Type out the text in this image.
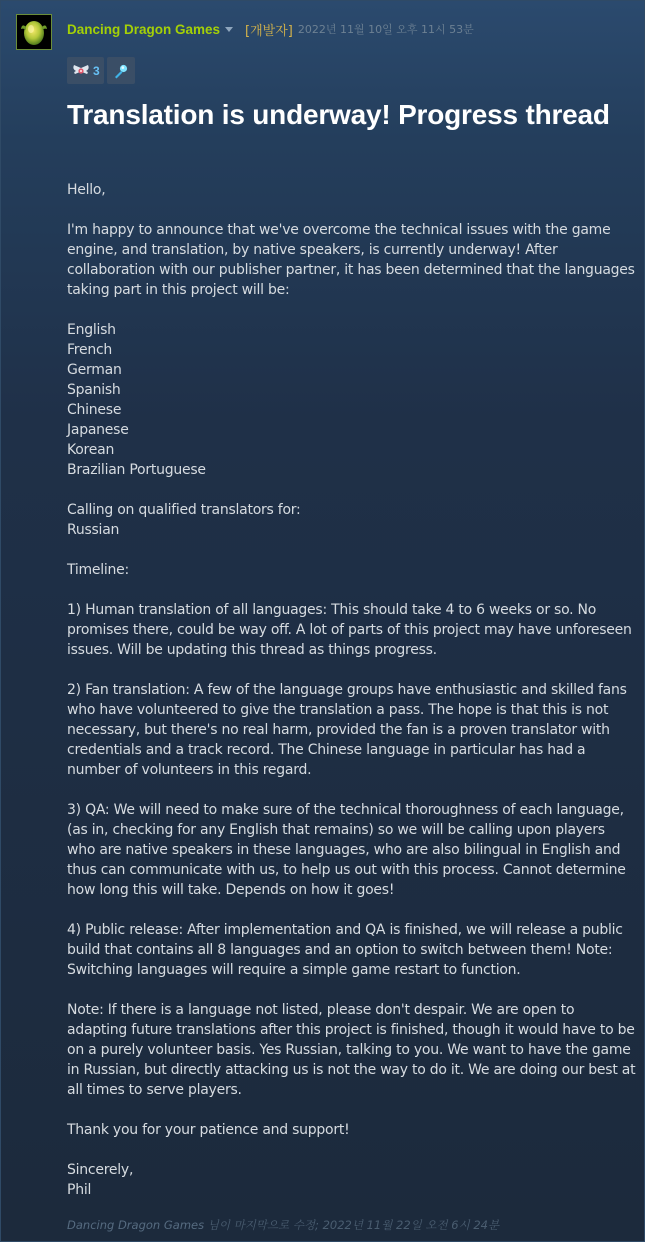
Dancing Dragon Games [개발자] 2022년 11월 10일 오후 11시 53분
3
Translation is underway! Progress thread

Hello,

I'm happy to announce that we've overcome the technical issues with the game engine, and translation, by native speakers, is currently underway! After collaboration with our publisher partner, it has been determined that the languages taking part in this project will be:

English

French

German

Spanish

Chinese

Japanese

Korean

Brazilian Portuguese

Calling on qualified translators for:

Russian

Timeline:

1) Human translation of all languages: This should take 4 to 6 weeks or so. No promises there, could be way off. A lot of parts of this project may have unforeseen issues. Will be updating this thread as things progress.

2) Fan translation: A few of the language groups have enthusiastic and skilled fans who have volunteered to give the translation a pass. The hope is that this is not necessary, but there's no real harm, provided the fan is a proven translator with credentials and a track record. The Chinese language in particular has had a number of volunteers in this regard.

3) QA: We will need to make sure of the technical thoroughness of each language, (as in, checking for any English that remains) so we will be calling upon players who are native speakers in these languages, who are also bilingual in English and thus can communicate with us, to help us out with this process. Cannot determine how long this will take. Depends on how it goes!

4) Public release: After implementation and QA is finished, we will release a public build that contains all 8 languages and an option to switch between them! Note: Switching languages will require a simple game restart to function.

Note: If there is a language not listed, please don't despair. We are open to adapting future translations after this project is finished, though it would have to be on a purely volunteer basis. Yes Russian, talking to you. We want to have the game in Russian, but directly attacking us is not the way to do it. We are doing our best at all times to serve players.

Thank you for your patience and support!

Sincerely,

Phil

Dancing Dragon Games 님이 마지막으로 수정; 2022년 11월 22일 오전 6시 24분
